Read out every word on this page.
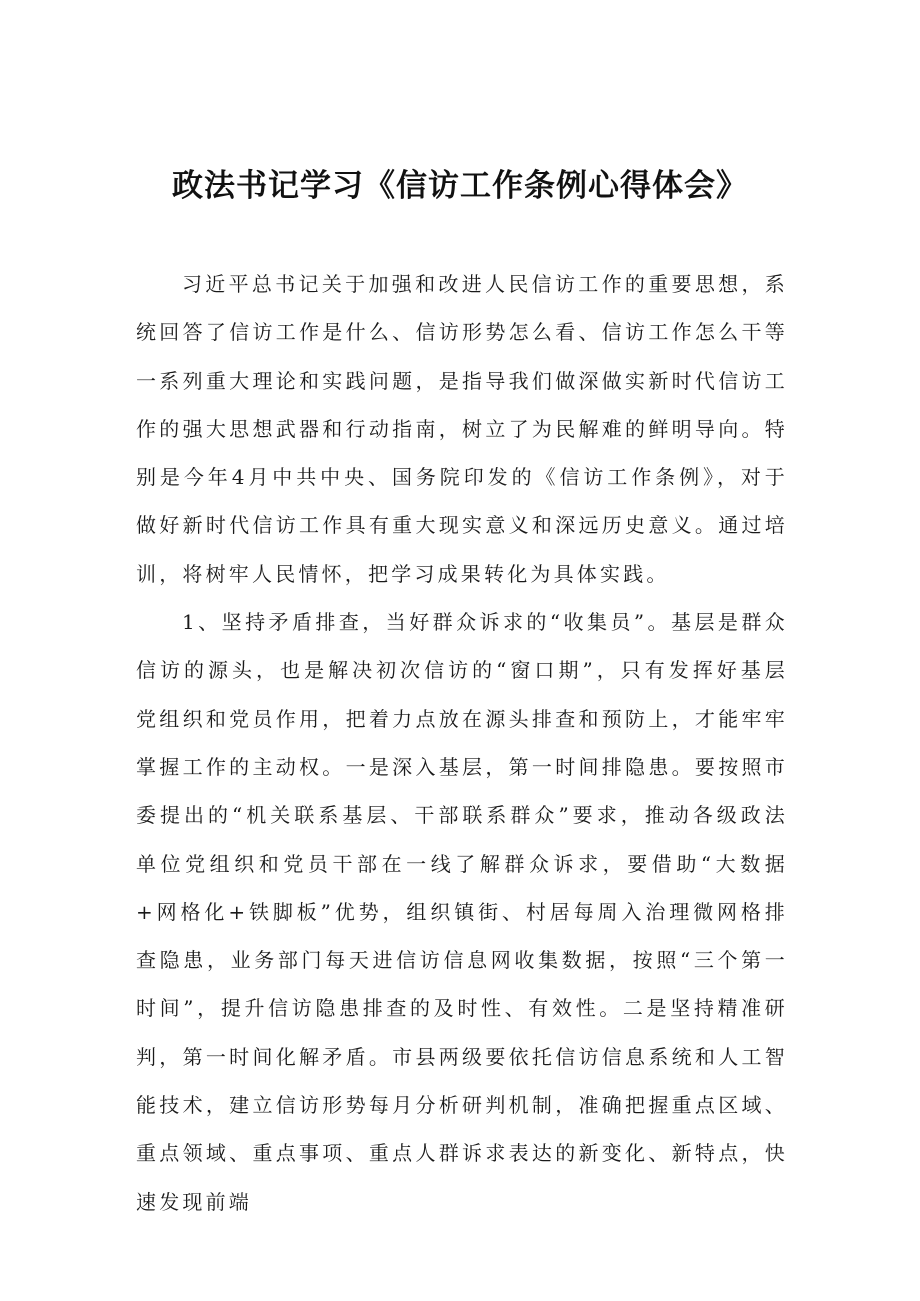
政法书记学习《信访工作条例心得体会》

习近平总书记关于加强和改进人民信访工作的重要思想，系统回答了信访工作是什么、信访形势怎么看、信访工作怎么干等一系列重大理论和实践问题，是指导我们做深做实新时代信访工作的强大思想武器和行动指南，树立了为民解难的鲜明导向。特别是今年4月中共中央、国务院印发的《信访工作条例》，对于做好新时代信访工作具有重大现实意义和深远历史意义。通过培训，将树牢人民情怀，把学习成果转化为具体实践。

1、坚持矛盾排查，当好群众诉求的“收集员”。基层是群众信访的源头，也是解决初次信访的“窗口期”，只有发挥好基层党组织和党员作用，把着力点放在源头排查和预防上，才能牢牢掌握工作的主动权。一是深入基层，第一时间排隐患。要按照市委提出的“机关联系基层、干部联系群众”要求，推动各级政法单位党组织和党员干部在一线了解群众诉求，要借助“大数据+网格化+铁脚板”优势，组织镇街、村居每周入治理微网格排查隐患，业务部门每天进信访信息网收集数据，按照“三个第一时间”，提升信访隐患排查的及时性、有效性。二是坚持精准研判，第一时间化解矛盾。市县两级要依托信访信息系统和人工智能技术，建立信访形势每月分析研判机制，准确把握重点区域、重点领域、重点事项、重点人群诉求表达的新变化、新特点，快速发现前端
